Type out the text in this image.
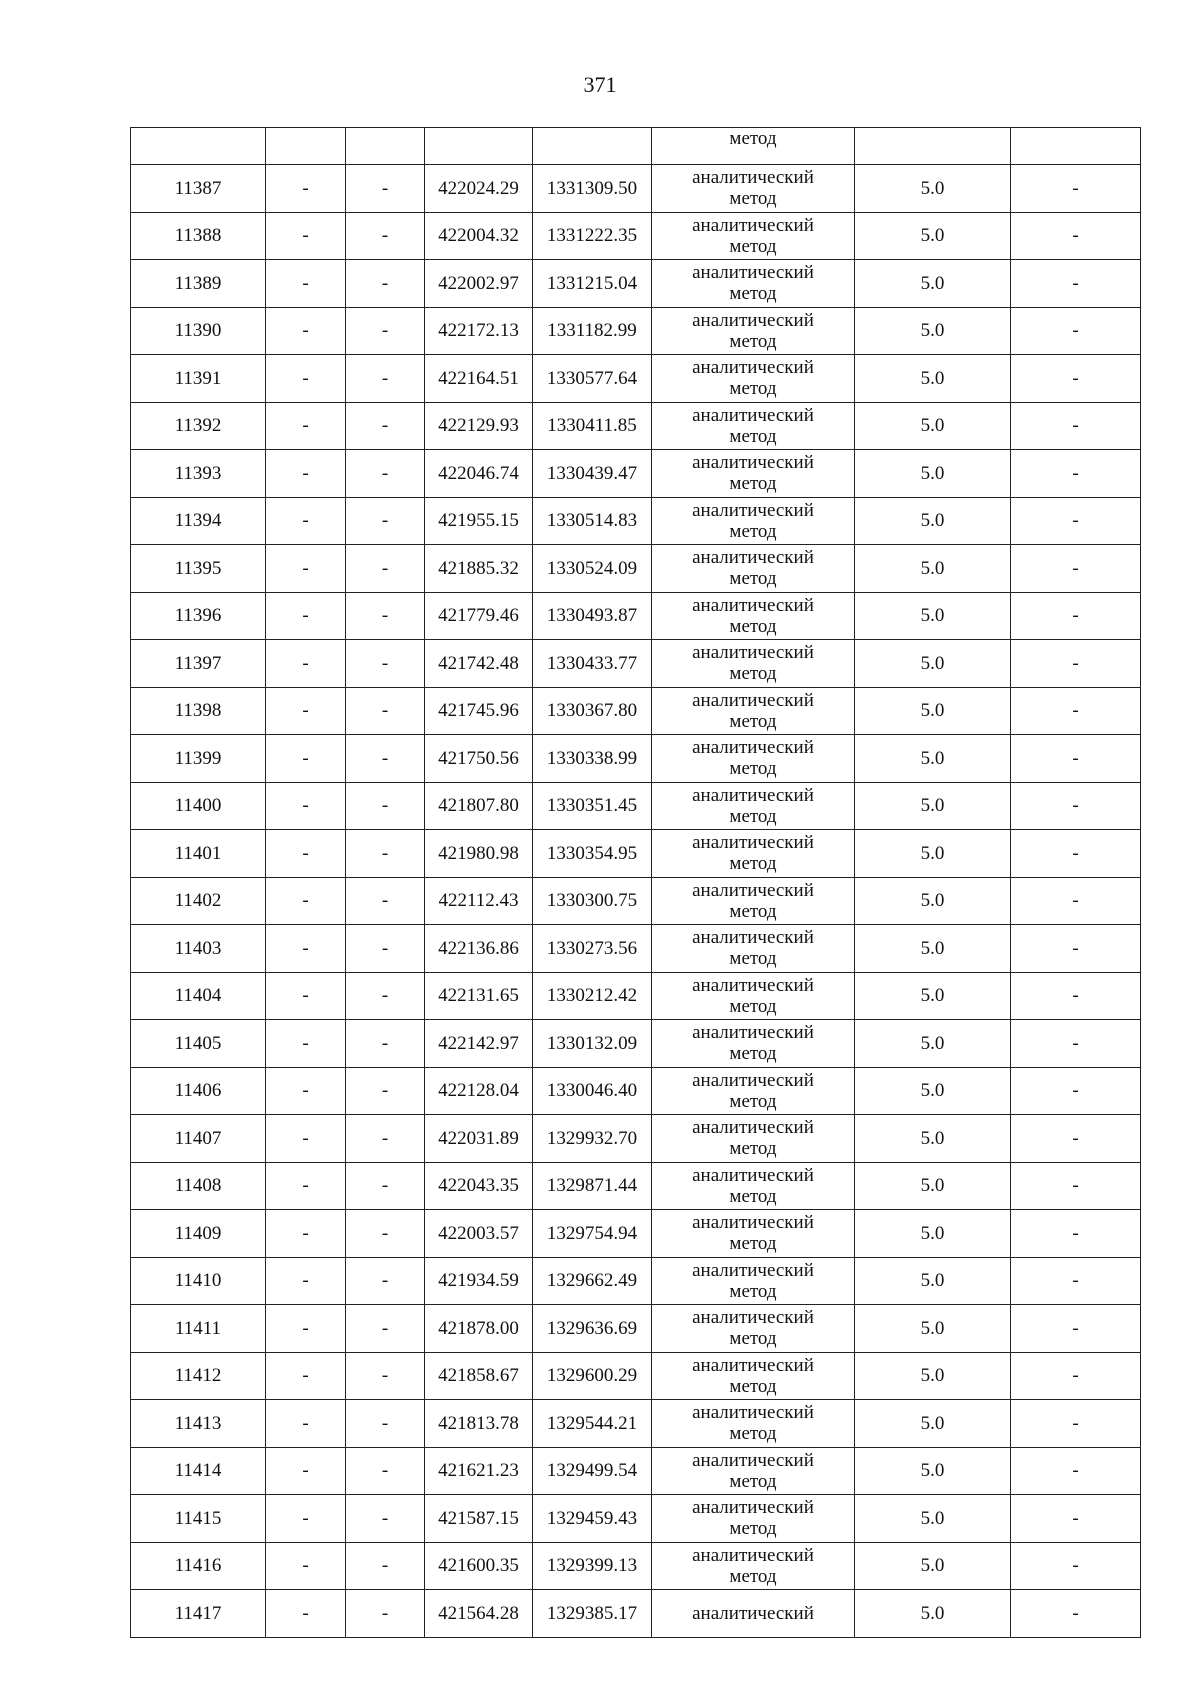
371
					метод		
11387	-	-	422024.29	1331309.50	аналитический
метод	5.0	-
11388	-	-	422004.32	1331222.35	аналитический
метод	5.0	-
11389	-	-	422002.97	1331215.04	аналитический
метод	5.0	-
11390	-	-	422172.13	1331182.99	аналитический
метод	5.0	-
11391	-	-	422164.51	1330577.64	аналитический
метод	5.0	-
11392	-	-	422129.93	1330411.85	аналитический
метод	5.0	-
11393	-	-	422046.74	1330439.47	аналитический
метод	5.0	-
11394	-	-	421955.15	1330514.83	аналитический
метод	5.0	-
11395	-	-	421885.32	1330524.09	аналитический
метод	5.0	-
11396	-	-	421779.46	1330493.87	аналитический
метод	5.0	-
11397	-	-	421742.48	1330433.77	аналитический
метод	5.0	-
11398	-	-	421745.96	1330367.80	аналитический
метод	5.0	-
11399	-	-	421750.56	1330338.99	аналитический
метод	5.0	-
11400	-	-	421807.80	1330351.45	аналитический
метод	5.0	-
11401	-	-	421980.98	1330354.95	аналитический
метод	5.0	-
11402	-	-	422112.43	1330300.75	аналитический
метод	5.0	-
11403	-	-	422136.86	1330273.56	аналитический
метод	5.0	-
11404	-	-	422131.65	1330212.42	аналитический
метод	5.0	-
11405	-	-	422142.97	1330132.09	аналитический
метод	5.0	-
11406	-	-	422128.04	1330046.40	аналитический
метод	5.0	-
11407	-	-	422031.89	1329932.70	аналитический
метод	5.0	-
11408	-	-	422043.35	1329871.44	аналитический
метод	5.0	-
11409	-	-	422003.57	1329754.94	аналитический
метод	5.0	-
11410	-	-	421934.59	1329662.49	аналитический
метод	5.0	-
11411	-	-	421878.00	1329636.69	аналитический
метод	5.0	-
11412	-	-	421858.67	1329600.29	аналитический
метод	5.0	-
11413	-	-	421813.78	1329544.21	аналитический
метод	5.0	-
11414	-	-	421621.23	1329499.54	аналитический
метод	5.0	-
11415	-	-	421587.15	1329459.43	аналитический
метод	5.0	-
11416	-	-	421600.35	1329399.13	аналитический
метод	5.0	-
11417	-	-	421564.28	1329385.17	аналитический	5.0	-
